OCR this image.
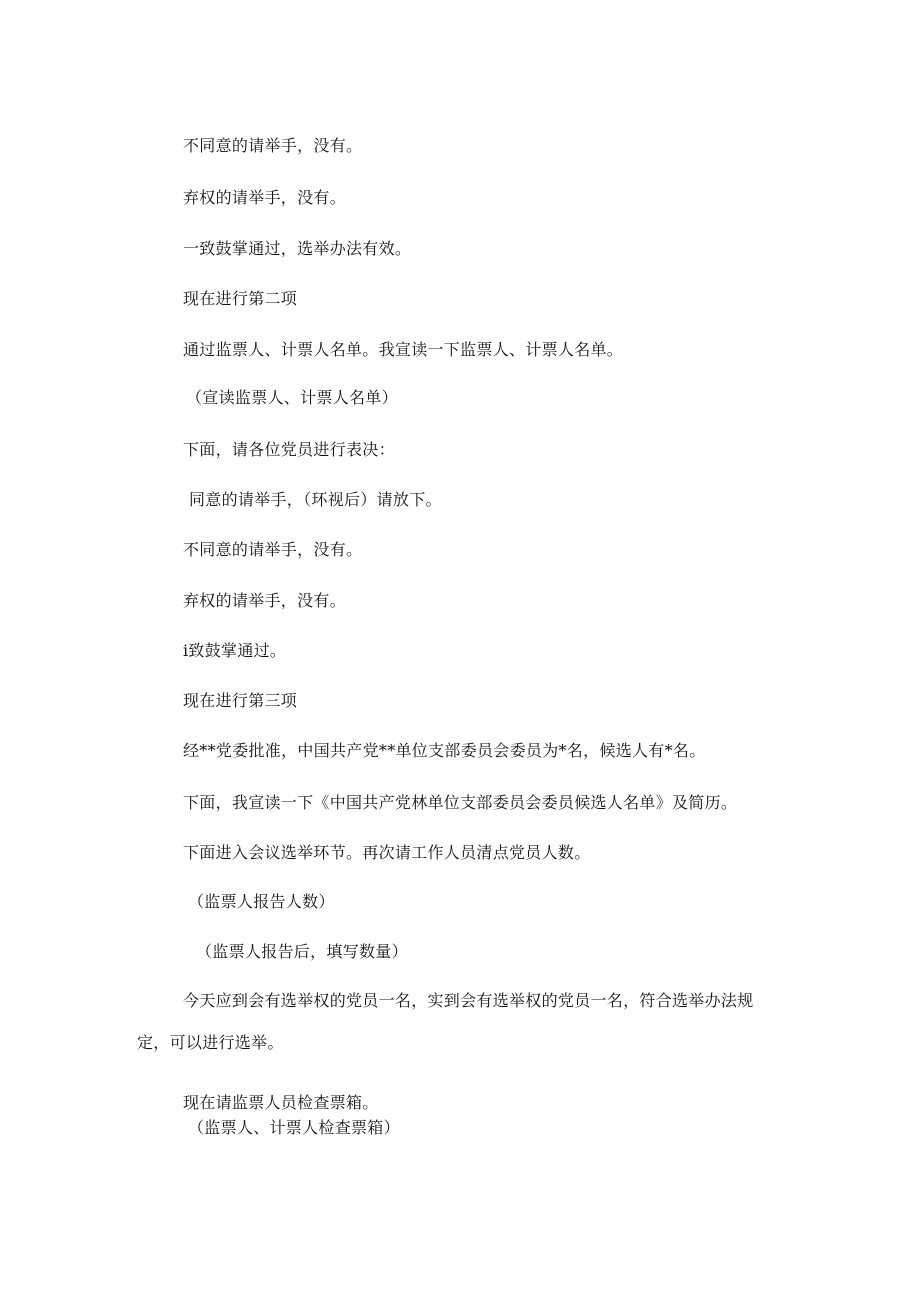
不同意的请举手，没有。
弃权的请举手，没有。
一致鼓掌通过，选举办法有效。
现在进行第二项
通过监票人、计票人名单。我宣读一下监票人、计票人名单。
（宣读监票人、计票人名单）
下面，请各位党员进行表决：
同意的请举手，（环视后）请放下。
不同意的请举手，没有。
弃权的请举手，没有。
i致鼓掌通过。
现在进行第三项
经**党委批准，中国共产党**单位支部委员会委员为*名，候选人有*名。
下面，我宣读一下《中国共产党林单位支部委员会委员候选人名单》及简历。
下面进入会议选举环节。再次请工作人员清点党员人数。
（监票人报告人数）
（监票人报告后，填写数量）
今天应到会有选举权的党员一名，实到会有选举权的党员一名，符合选举办法规
定，可以进行选举。
现在请监票人员检查票箱。
（监票人、计票人检查票箱）
